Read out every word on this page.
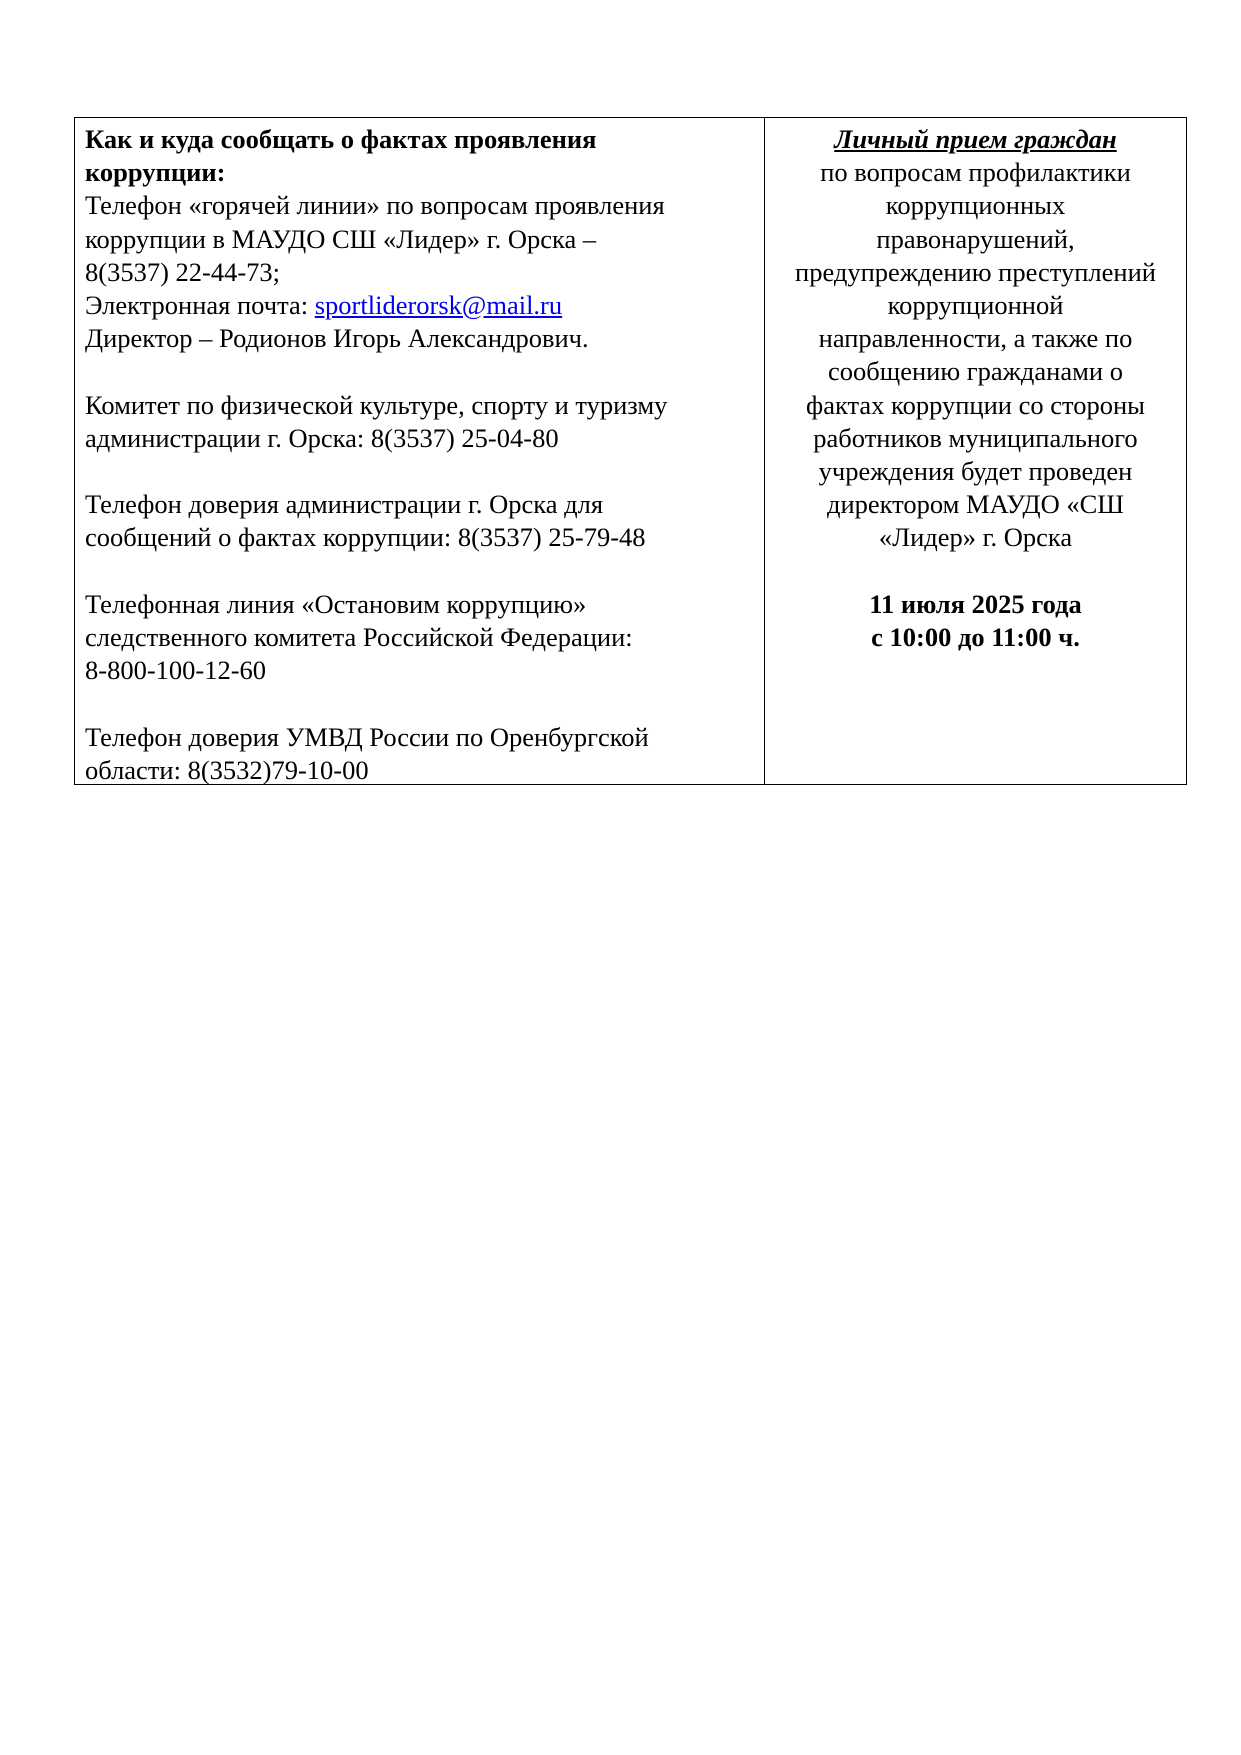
Как и куда сообщать о фактах проявления
коррупции:
Телефон «горячей линии» по вопросам проявления
коррупции в МАУДО СШ «Лидер» г. Орска –
8(3537) 22-44-73;
Электронная почта: sportliderorsk@mail.ru
Директор – Родионов Игорь Александрович.
Комитет по физической культуре, спорту и туризму
администрации г. Орска: 8(3537) 25-04-80
Телефон доверия администрации г. Орска для
сообщений о фактах коррупции: 8(3537) 25-79-48
Телефонная линия «Остановим коррупцию»
следственного комитета Российской Федерации:
8-800-100-12-60
Телефон доверия УМВД России по Оренбургской
области: 8(3532)79-10-00
Личный прием граждан
по вопросам профилактики
коррупционных
правонарушений,
предупреждению преступлений
коррупционной
направленности, а также по
сообщению гражданами о
фактах коррупции со стороны
работников муниципального
учреждения будет проведен
директором МАУДО «СШ
«Лидер» г. Орска
11 июля 2025 года
с 10:00 до 11:00 ч.
